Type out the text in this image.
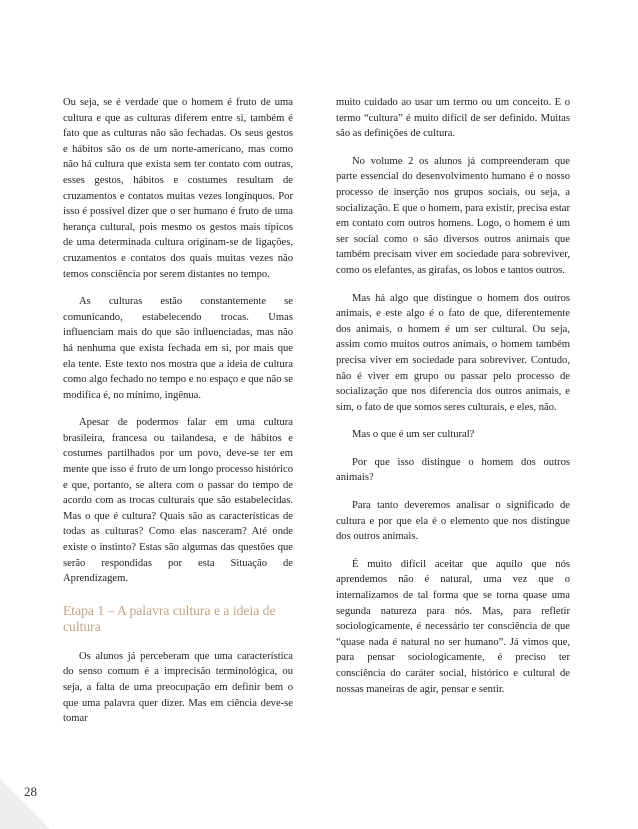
Ou seja, se é verdade que o homem é fruto de uma cultura e que as culturas diferem entre si, também é fato que as culturas não são fechadas. Os seus gestos e hábitos são os de um norte-americano, mas como não há cultura que exista sem ter contato com outras, esses gestos, hábitos e costumes resultam de cruzamentos e contatos muitas vezes longínquos. Por isso é possível dizer que o ser humano é fruto de uma herança cultural, pois mesmo os gestos mais típicos de uma determinada cultura originam-se de ligações, cruzamentos e contatos dos quais muitas vezes não temos consciência por serem distantes no tempo.

As culturas estão constantemente se comunicando, estabelecendo trocas. Umas influenciam mais do que são influenciadas, mas não há nenhuma que exista fechada em si, por mais que ela tente. Este texto nos mostra que a ideia de cultura como algo fechado no tempo e no espaço e que não se modifica é, no mínimo, ingênua.

Apesar de podermos falar em uma cultura brasileira, francesa ou tailandesa, e de hábitos e costumes partilhados por um povo, deve-se ter em mente que isso é fruto de um longo processo histórico e que, portanto, se altera com o passar do tempo de acordo com as trocas culturais que são estabelecidas. Mas o que é cultura? Quais são as características de todas as culturas? Como elas nasceram? Até onde existe o instinto? Estas são algumas das questões que serão respondidas por esta Situação de Aprendizagem.

Etapa 1 – A palavra cultura e a ideia de cultura

Os alunos já perceberam que uma característica do senso comum é a imprecisão terminológica, ou seja, a falta de uma preocupação em definir bem o que uma palavra quer dizer. Mas em ciência deve-se tomar

muito cuidado ao usar um termo ou um conceito. E o termo “cultura” é muito difícil de ser definido. Muitas são as definições de cultura.

No volume 2 os alunos já compreenderam que parte essencial do desenvolvimento humano é o nosso processo de inserção nos grupos sociais, ou seja, a socialização. E que o homem, para existir, precisa estar em contato com outros homens. Logo, o homem é um ser social como o são diversos outros animais que também precisam viver em sociedade para sobreviver, como os elefantes, as girafas, os lobos e tantos outros.

Mas há algo que distingue o homem dos outros animais, e este algo é o fato de que, diferentemente dos animais, o homem é um ser cultural. Ou seja, assim como muitos outros animais, o homem também precisa viver em sociedade para sobreviver. Contudo, não é viver em grupo ou passar pelo processo de socialização que nos diferencia dos outros animais, e sim, o fato de que somos seres culturais, e eles, não.

Mas o que é um ser cultural?

Por que isso distingue o homem dos outros animais?

Para tanto deveremos analisar o significado de cultura e por que ela é o elemento que nos distingue dos outros animais.

É muito difícil aceitar que aquilo que nós aprendemos não é natural, uma vez que o internalizamos de tal forma que se torna quase uma segunda natureza para nós. Mas, para refletir sociologicamente, é necessário ter consciência de que “quase nada é natural no ser humano”. Já vimos que, para pensar sociologicamente, é preciso ter consciência do caráter social, histórico e cultural de nossas maneiras de agir, pensar e sentir.

28
